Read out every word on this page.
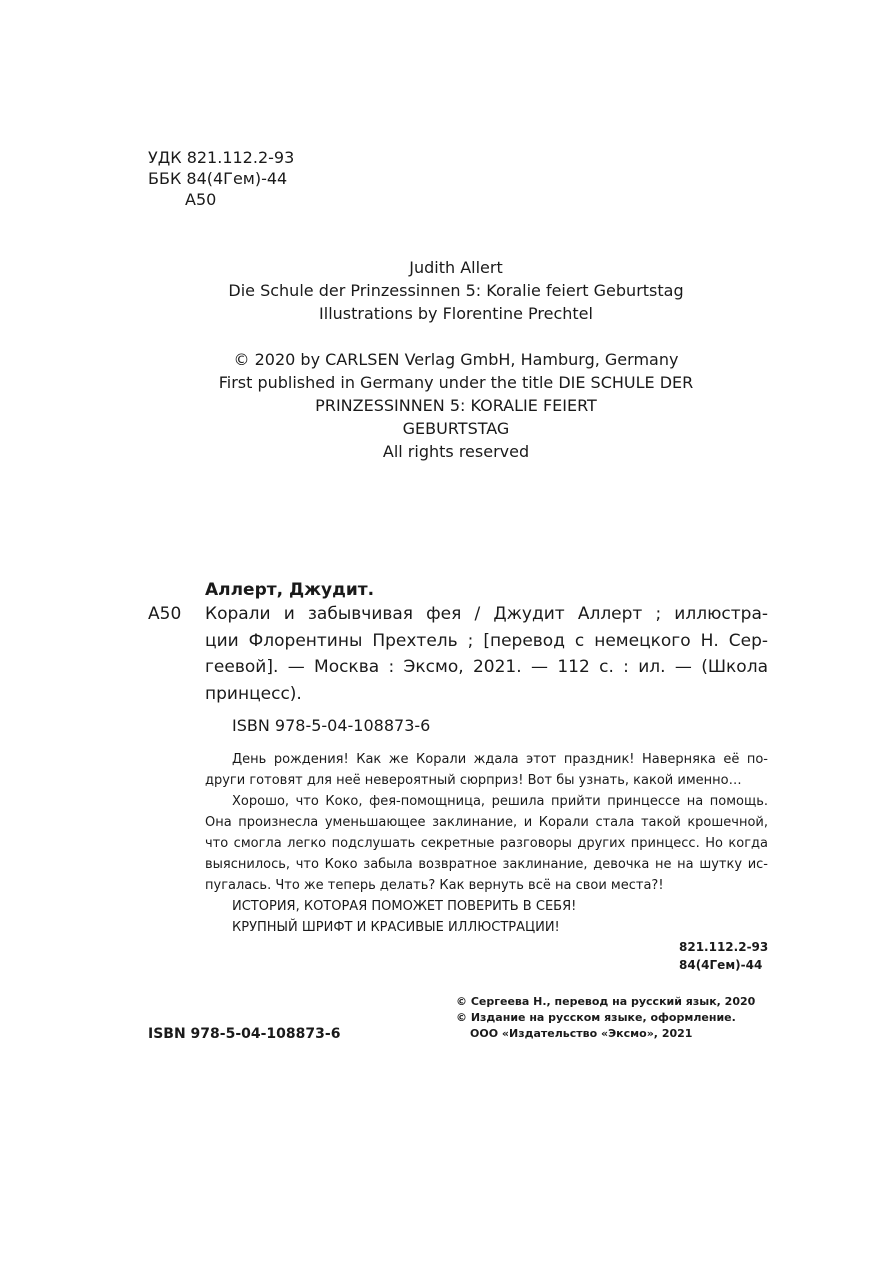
УДК 821.112.2-93
ББК 84(4Гем)-44
А50
Judith Allert
Die Schule der Prinzessinnen 5: Koralie feiert Geburtstag
Illustrations by Florentine Prechtel
© 2020 by CARLSEN Verlag GmbH, Hamburg, Germany
First published in Germany under the title DIE SCHULE DER
PRINZESSINNEN 5: KORALIE FEIERT
GEBURTSTAG
All rights reserved
Аллерт, Джудит.
А50 Корали и забывчивая фея / Джудит Аллерт ; иллюстра-
ции Флорентины Прехтель ; [перевод с немецкого Н. Сер-
геевой]. — Москва : Эксмо, 2021. — 112 с. : ил. — (Школа
принцесс).
ISBN 978-5-04-108873-6
День рождения! Как же Корали ждала этот праздник! Наверняка её по-
други готовят для неё невероятный сюрприз! Вот бы узнать, какой именно…
Хорошо, что Коко, фея-помощница, решила прийти принцессе на помощь.
Она произнесла уменьшающее заклинание, и Корали стала такой крошечной,
что смогла легко подслушать секретные разговоры других принцесс. Но когда
выяснилось, что Коко забыла возвратное заклинание, девочка не на шутку ис-
пугалась. Что же теперь делать? Как вернуть всё на свои места?!
ИСТОРИЯ, КОТОРАЯ ПОМОЖЕТ ПОВЕРИТЬ В СЕБЯ!
КРУПНЫЙ ШРИФТ И КРАСИВЫЕ ИЛЛЮСТРАЦИИ!
821.112.2-93
84(4Гем)-44
© Сергеева Н., перевод на русский язык, 2020
© Издание на русском языке, оформление.
ООО «Издательство «Эксмо», 2021
ISBN 978-5-04-108873-6
